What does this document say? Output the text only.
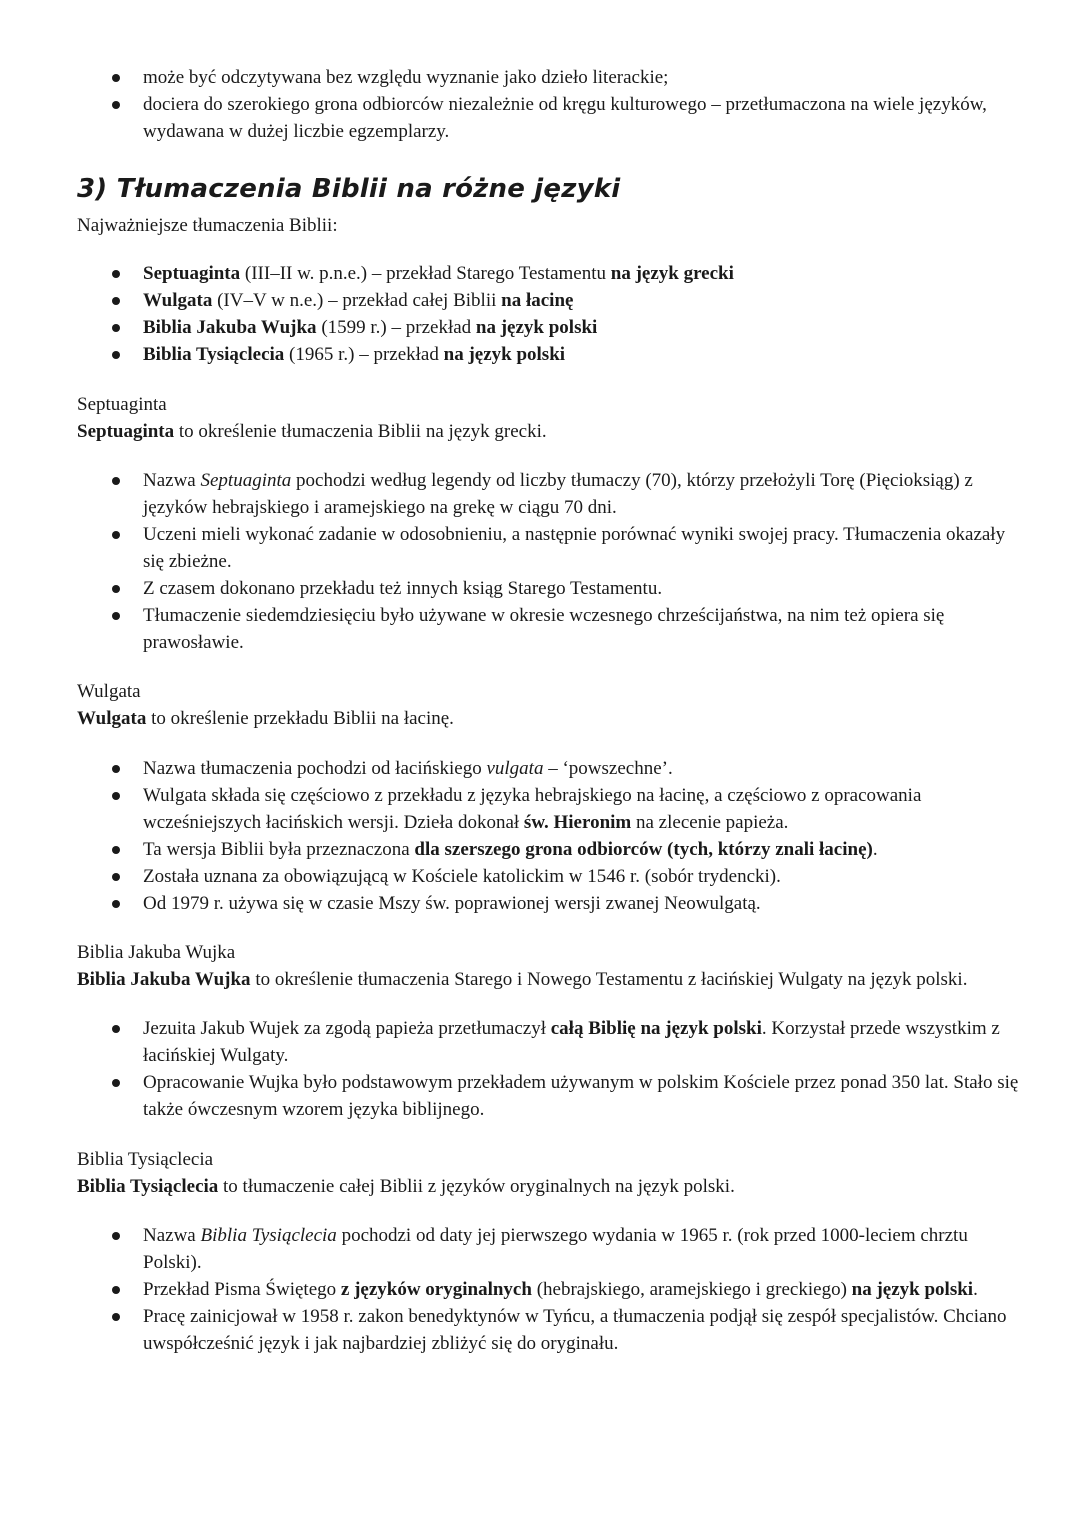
może być odczytywana bez względu wyznanie jako dzieło literackie;
dociera do szerokiego grona odbiorców niezależnie od kręgu kulturowego – przetłumaczona na wiele języków, wydawana w dużej liczbie egzemplarzy.
3) Tłumaczenia Biblii na różne języki
Najważniejsze tłumaczenia Biblii:
Septuaginta (III–II w. p.n.e.) – przekład Starego Testamentu na język grecki
Wulgata (IV–V w n.e.) – przekład całej Biblii na łacinę
Biblia Jakuba Wujka (1599 r.) – przekład na język polski
Biblia Tysiąclecia (1965 r.) – przekład na język polski
Septuaginta
Septuaginta to określenie tłumaczenia Biblii na język grecki.
Nazwa Septuaginta pochodzi według legendy od liczby tłumaczy (70), którzy przełożyli Torę (Pięcioksiąg) z języków hebrajskiego i aramejskiego na grekę w ciągu 70 dni.
Uczeni mieli wykonać zadanie w odosobnieniu, a następnie porównać wyniki swojej pracy. Tłumaczenia okazały się zbieżne.
Z czasem dokonano przekładu też innych ksiąg Starego Testamentu.
Tłumaczenie siedemdziesięciu było używane w okresie wczesnego chrześcijaństwa, na nim też opiera się prawosławie.
Wulgata
Wulgata to określenie przekładu Biblii na łacinę.
Nazwa tłumaczenia pochodzi od łacińskiego vulgata – ‘powszechne’.
Wulgata składa się częściowo z przekładu z języka hebrajskiego na łacinę, a częściowo z opracowania wcześniejszych łacińskich wersji. Dzieła dokonał św. Hieronim na zlecenie papieża.
Ta wersja Biblii była przeznaczona dla szerszego grona odbiorców (tych, którzy znali łacinę).
Została uznana za obowiązującą w Kościele katolickim w 1546 r. (sobór trydencki).
Od 1979 r. używa się w czasie Mszy św. poprawionej wersji zwanej Neowulgatą.
Biblia Jakuba Wujka
Biblia Jakuba Wujka to określenie tłumaczenia Starego i Nowego Testamentu z łacińskiej Wulgaty na język polski.
Jezuita Jakub Wujek za zgodą papieża przetłumaczył całą Biblię na język polski. Korzystał przede wszystkim z łacińskiej Wulgaty.
Opracowanie Wujka było podstawowym przekładem używanym w polskim Kościele przez ponad 350 lat. Stało się także ówczesnym wzorem języka biblijnego.
Biblia Tysiąclecia
Biblia Tysiąclecia to tłumaczenie całej Biblii z języków oryginalnych na język polski.
Nazwa Biblia Tysiąclecia pochodzi od daty jej pierwszego wydania w 1965 r. (rok przed 1000-leciem chrztu Polski).
Przekład Pisma Świętego z języków oryginalnych (hebrajskiego, aramejskiego i greckiego) na język polski.
Pracę zainicjował w 1958 r. zakon benedyktynów w Tyńcu, a tłumaczenia podjął się zespół specjalistów. Chciano uwspółcześnić język i jak najbardziej zbliżyć się do oryginału.
